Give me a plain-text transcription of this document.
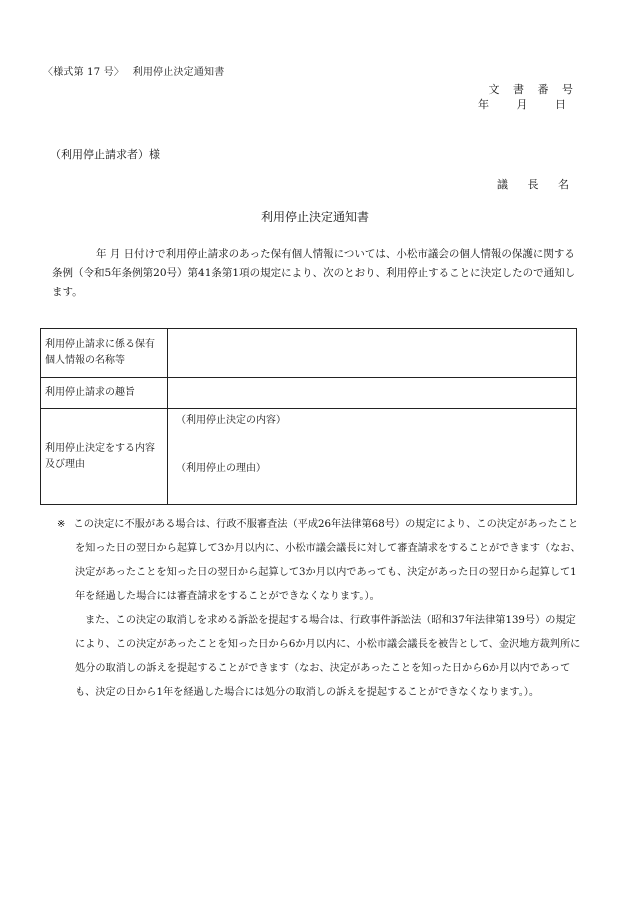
〈様式第 17 号〉　 利用停止決定通知書
文 書 番 号
年 月 日
（利用停止請求者）様
議 長 名
利用停止決定通知書
年 月 日付けで利用停止請求のあった保有個人情報については、小松市議会の個人情報の保護に関する条例（令和5年条例第20号）第41条第1項の規定により、次のとおり、利用停止することに決定したので通知します。
利用停止請求に係る保有個人情報の名称等	
利用停止請求の趣旨	
利用停止決定をする内容及び理由	（利用停止決定の内容）
（利用停止の理由）

※ この決定に不服がある場合は、行政不服審査法（平成26年法律第68号）の規定により、この決定があったことを知った日の翌日から起算して3か月以内に、小松市議会議長に対して審査請求をすることができます（なお、決定があったことを知った日の翌日から起算して3か月以内であっても、決定があった日の翌日から起算して1年を経過した場合には審査請求をすることができなくなります。）。

また、この決定の取消しを求める訴訟を提起する場合は、行政事件訴訟法（昭和37年法律第139号）の規定により、この決定があったことを知った日から6か月以内に、小松市議会議長を被告として、金沢地方裁判所に処分の取消しの訴えを提起することができます（なお、決定があったことを知った日から6か月以内であっても、決定の日から1年を経過した場合には処分の取消しの訴えを提起することができなくなります。）。
